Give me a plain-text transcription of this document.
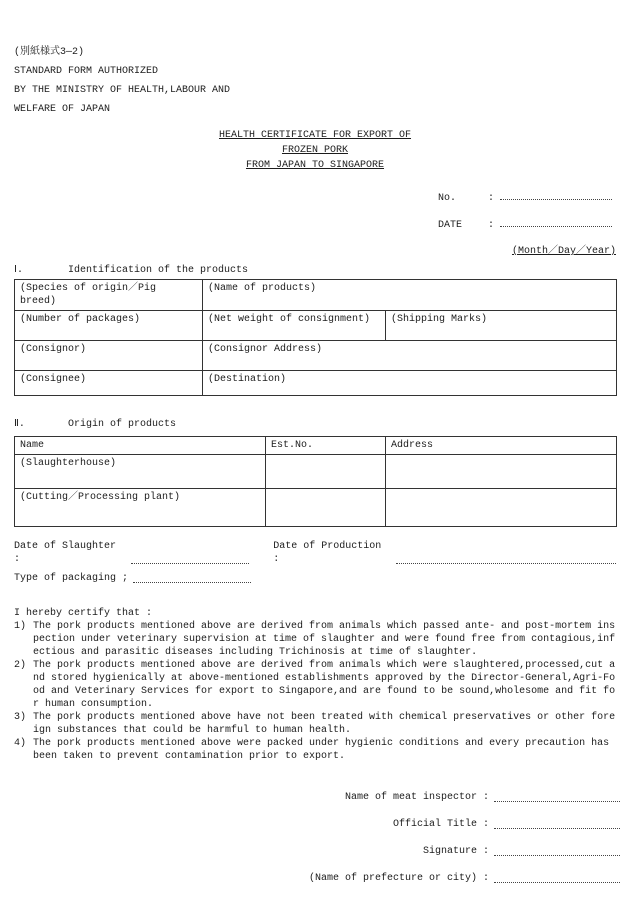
(別紙様式3—2)
STANDARD FORM AUTHORIZED
BY THE MINISTRY OF HEALTH,LABOUR AND
WELFARE OF JAPAN
HEALTH CERTIFICATE FOR EXPORT OF
FROZEN PORK
FROM JAPAN TO SINGAPORE
No.	:
DATE	:
(Month／Day／Year)
Ⅰ.	Identification of the products
(Species of origin／Pig breed)	(Name of products)	
(Number of packages)	(Net weight of consignment)	(Shipping Marks)
(Consignor)	(Consignor Address)	
(Consignee)	(Destination)	
Ⅱ.	Origin of products
Name	Est.No.	Address
(Slaughterhouse)		
(Cutting／Processing plant)		
Date of Slaughter :
Date of Production :
Type of packaging ;
I hereby certify that :
1) The pork products mentioned above are derived from animals which passed ante- and post-mortem inspection under veterinary supervision at time of slaughter and were found free from contagious,infectious and parasitic diseases including Trichinosis at time of slaughter.
2) The pork products mentioned above are derived from animals which were slaughtered,processed,cut and stored hygienically at above-mentioned establishments approved by the Director-General,Agri-Food and Veterinary Services for export to Singapore,and are found to be sound,wholesome and fit for human consumption.
3) The pork products mentioned above have not been treated with chemical preservatives or other foreign substances that could be harmful to human health.
4) The pork products mentioned above were packed under hygienic conditions and every precaution has been taken to prevent contamination prior to export.
Name of meat inspector :
Official Title :
Signature :
(Name of prefecture or city) :
